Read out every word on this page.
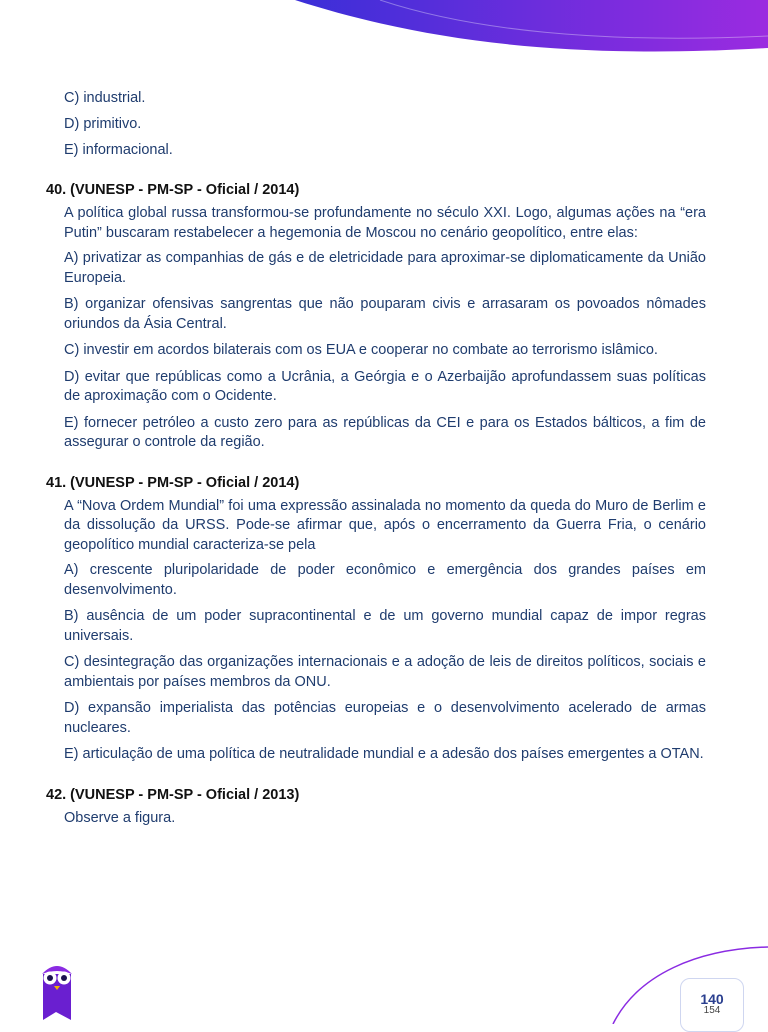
C) industrial.
D) primitivo.
E) informacional.
40. (VUNESP - PM-SP - Oficial / 2014)
A política global russa transformou-se profundamente no século XXI. Logo, algumas ações na “era Putin” buscaram restabelecer a hegemonia de Moscou no cenário geopolítico, entre elas:
A) privatizar as companhias de gás e de eletricidade para aproximar-se diplomaticamente da União Europeia.
B) organizar ofensivas sangrentas que não pouparam civis e arrasaram os povoados nômades oriundos da Ásia Central.
C) investir em acordos bilaterais com os EUA e cooperar no combate ao terrorismo islâmico.
D) evitar que repúblicas como a Ucrânia, a Geórgia e o Azerbaijão aprofundassem suas políticas de aproximação com o Ocidente.
E) fornecer petróleo a custo zero para as repúblicas da CEI e para os Estados bálticos, a fim de assegurar o controle da região.
41. (VUNESP - PM-SP - Oficial / 2014)
A “Nova Ordem Mundial” foi uma expressão assinalada no momento da queda do Muro de Berlim e da dissolução da URSS. Pode-se afirmar que, após o encerramento da Guerra Fria, o cenário geopolítico mundial caracteriza-se pela
A) crescente pluripolaridade de poder econômico e emergência dos grandes países em desenvolvimento.
B) ausência de um poder supracontinental e de um governo mundial capaz de impor regras universais.
C) desintegração das organizações internacionais e a adoção de leis de direitos políticos, sociais e ambientais por países membros da ONU.
D) expansão imperialista das potências europeias e o desenvolvimento acelerado de armas nucleares.
E) articulação de uma política de neutralidade mundial e a adesão dos países emergentes a OTAN.
42. (VUNESP - PM-SP - Oficial / 2013)
Observe a figura.
140
154
